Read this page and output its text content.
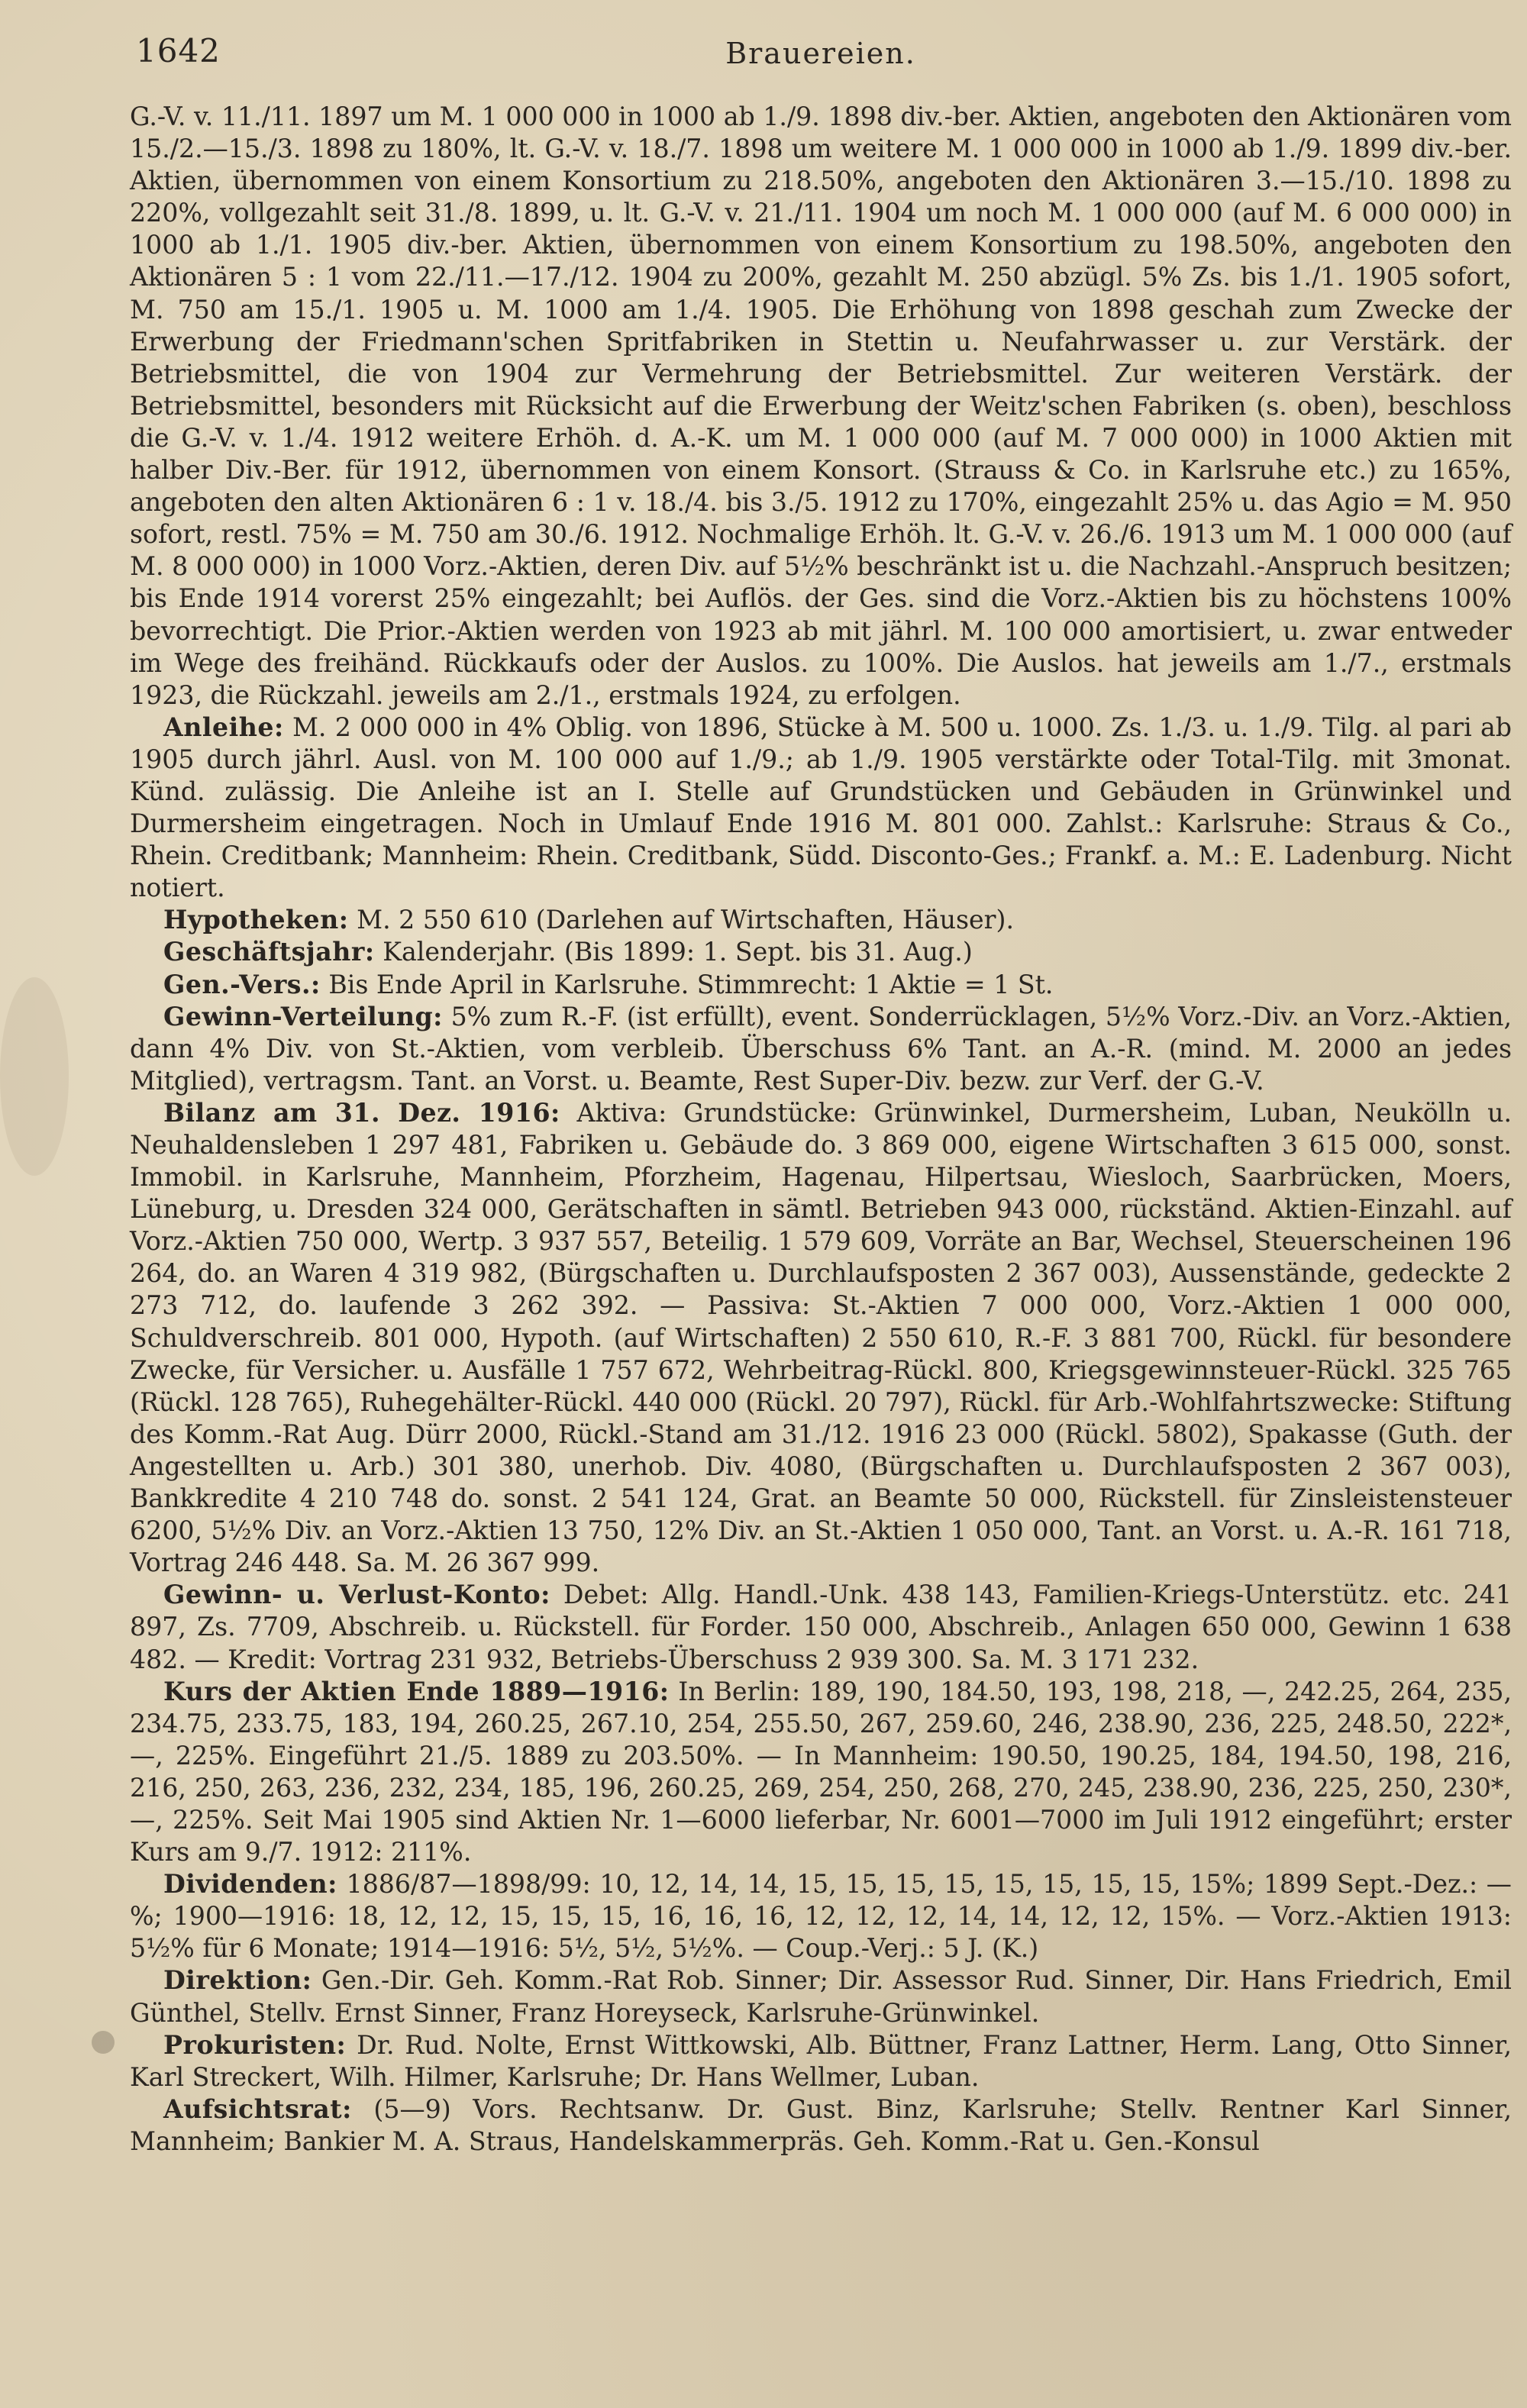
1642	Brauereien.

G.-V. v. 11./11. 1897 um M. 1 000 000 in 1000 ab 1./9. 1898 div.-ber. Aktien, angeboten den Aktionären vom 15./2.—15./3. 1898 zu 180%, lt. G.-V. v. 18./7. 1898 um weitere M. 1 000 000 in 1000 ab 1./9. 1899 div.-ber. Aktien, übernommen von einem Konsortium zu 218.50%, angeboten den Aktionären 3.—15./10. 1898 zu 220%, vollgezahlt seit 31./8. 1899, u. lt. G.-V. v. 21./11. 1904 um noch M. 1 000 000 (auf M. 6 000 000) in 1000 ab 1./1. 1905 div.-ber. Aktien, übernommen von einem Konsortium zu 198.50%, angeboten den Aktionären 5 : 1 vom 22./11.—17./12. 1904 zu 200%, gezahlt M. 250 abzügl. 5% Zs. bis 1./1. 1905 sofort, M. 750 am 15./1. 1905 u. M. 1000 am 1./4. 1905. Die Erhöhung von 1898 geschah zum Zwecke der Erwerbung der Friedmann'schen Spritfabriken in Stettin u. Neufahrwasser u. zur Verstärk. der Betriebsmittel, die von 1904 zur Vermehrung der Betriebsmittel. Zur weiteren Verstärk. der Betriebsmittel, besonders mit Rücksicht auf die Erwerbung der Weitz'schen Fabriken (s. oben), beschloss die G.-V. v. 1./4. 1912 weitere Erhöh. d. A.-K. um M. 1 000 000 (auf M. 7 000 000) in 1000 Aktien mit halber Div.-Ber. für 1912, übernommen von einem Konsort. (Strauss & Co. in Karlsruhe etc.) zu 165%, angeboten den alten Aktionären 6 : 1 v. 18./4. bis 3./5. 1912 zu 170%, eingezahlt 25% u. das Agio = M. 950 sofort, restl. 75% = M. 750 am 30./6. 1912. Nochmalige Erhöh. lt. G.-V. v. 26./6. 1913 um M. 1 000 000 (auf M. 8 000 000) in 1000 Vorz.-Aktien, deren Div. auf 5½% beschränkt ist u. die Nachzahl.-Anspruch besitzen; bis Ende 1914 vorerst 25% eingezahlt; bei Auflös. der Ges. sind die Vorz.-Aktien bis zu höchstens 100% bevorrechtigt. Die Prior.-Aktien werden von 1923 ab mit jährl. M. 100 000 amortisiert, u. zwar entweder im Wege des freihänd. Rückkaufs oder der Auslos. zu 100%. Die Auslos. hat jeweils am 1./7., erstmals 1923, die Rückzahl. jeweils am 2./1., erstmals 1924, zu erfolgen.

Anleihe: M. 2 000 000 in 4% Oblig. von 1896, Stücke à M. 500 u. 1000. Zs. 1./3. u. 1./9. Tilg. al pari ab 1905 durch jährl. Ausl. von M. 100 000 auf 1./9.; ab 1./9. 1905 verstärkte oder Total-Tilg. mit 3monat. Künd. zulässig. Die Anleihe ist an I. Stelle auf Grundstücken und Gebäuden in Grünwinkel und Durmersheim eingetragen. Noch in Umlauf Ende 1916 M. 801 000. Zahlst.: Karlsruhe: Straus & Co., Rhein. Creditbank; Mannheim: Rhein. Creditbank, Südd. Disconto-Ges.; Frankf. a. M.: E. Ladenburg. Nicht notiert.

Hypotheken: M. 2 550 610 (Darlehen auf Wirtschaften, Häuser).

Geschäftsjahr: Kalenderjahr. (Bis 1899: 1. Sept. bis 31. Aug.)

Gen.-Vers.: Bis Ende April in Karlsruhe. Stimmrecht: 1 Aktie = 1 St.

Gewinn-Verteilung: 5% zum R.-F. (ist erfüllt), event. Sonderrücklagen, 5½% Vorz.-Div. an Vorz.-Aktien, dann 4% Div. von St.-Aktien, vom verbleib. Überschuss 6% Tant. an A.-R. (mind. M. 2000 an jedes Mitglied), vertragsm. Tant. an Vorst. u. Beamte, Rest Super-Div. bezw. zur Verf. der G.-V.

Bilanz am 31. Dez. 1916: Aktiva: Grundstücke: Grünwinkel, Durmersheim, Luban, Neukölln u. Neuhaldensleben 1 297 481, Fabriken u. Gebäude do. 3 869 000, eigene Wirtschaften 3 615 000, sonst. Immobil. in Karlsruhe, Mannheim, Pforzheim, Hagenau, Hilpertsau, Wiesloch, Saarbrücken, Moers, Lüneburg, u. Dresden 324 000, Gerätschaften in sämtl. Betrieben 943 000, rückständ. Aktien-Einzahl. auf Vorz.-Aktien 750 000, Wertp. 3 937 557, Beteilig. 1 579 609, Vorräte an Bar, Wechsel, Steuerscheinen 196 264, do. an Waren 4 319 982, (Bürgschaften u. Durchlaufsposten 2 367 003), Aussenstände, gedeckte 2 273 712, do. laufende 3 262 392. — Passiva: St.-Aktien 7 000 000, Vorz.-Aktien 1 000 000, Schuldverschreib. 801 000, Hypoth. (auf Wirtschaften) 2 550 610, R.-F. 3 881 700, Rückl. für besondere Zwecke, für Versicher. u. Ausfälle 1 757 672, Wehrbeitrag-Rückl. 800, Kriegsgewinnsteuer-Rückl. 325 765 (Rückl. 128 765), Ruhegehälter-Rückl. 440 000 (Rückl. 20 797), Rückl. für Arb.-Wohlfahrtszwecke: Stiftung des Komm.-Rat Aug. Dürr 2000, Rückl.-Stand am 31./12. 1916 23 000 (Rückl. 5802), Spakasse (Guth. der Angestellten u. Arb.) 301 380, unerhob. Div. 4080, (Bürgschaften u. Durchlaufsposten 2 367 003), Bankkredite 4 210 748 do. sonst. 2 541 124, Grat. an Beamte 50 000, Rückstell. für Zinsleistensteuer 6200, 5½% Div. an Vorz.-Aktien 13 750, 12% Div. an St.-Aktien 1 050 000, Tant. an Vorst. u. A.-R. 161 718, Vortrag 246 448. Sa. M. 26 367 999.

Gewinn- u. Verlust-Konto: Debet: Allg. Handl.-Unk. 438 143, Familien-Kriegs-Unterstütz. etc. 241 897, Zs. 7709, Abschreib. u. Rückstell. für Forder. 150 000, Abschreib., Anlagen 650 000, Gewinn 1 638 482. — Kredit: Vortrag 231 932, Betriebs-Überschuss 2 939 300. Sa. M. 3 171 232.

Kurs der Aktien Ende 1889—1916: In Berlin: 189, 190, 184.50, 193, 198, 218, —, 242.25, 264, 235, 234.75, 233.75, 183, 194, 260.25, 267.10, 254, 255.50, 267, 259.60, 246, 238.90, 236, 225, 248.50, 222*, —, 225%. Eingeführt 21./5. 1889 zu 203.50%. — In Mannheim: 190.50, 190.25, 184, 194.50, 198, 216, 216, 250, 263, 236, 232, 234, 185, 196, 260.25, 269, 254, 250, 268, 270, 245, 238.90, 236, 225, 250, 230*, —, 225%. Seit Mai 1905 sind Aktien Nr. 1—6000 lieferbar, Nr. 6001—7000 im Juli 1912 eingeführt; erster Kurs am 9./7. 1912: 211%.

Dividenden: 1886/87—1898/99: 10, 12, 14, 14, 15, 15, 15, 15, 15, 15, 15, 15, 15%; 1899 Sept.-Dez.: — %; 1900—1916: 18, 12, 12, 15, 15, 15, 16, 16, 16, 12, 12, 12, 14, 14, 12, 12, 15%. — Vorz.-Aktien 1913: 5½% für 6 Monate; 1914—1916: 5½, 5½, 5½%. — Coup.-Verj.: 5 J. (K.)

Direktion: Gen.-Dir. Geh. Komm.-Rat Rob. Sinner; Dir. Assessor Rud. Sinner, Dir. Hans Friedrich, Emil Günthel, Stellv. Ernst Sinner, Franz Horeyseck, Karlsruhe-Grünwinkel.

Prokuristen: Dr. Rud. Nolte, Ernst Wittkowski, Alb. Büttner, Franz Lattner, Herm. Lang, Otto Sinner, Karl Streckert, Wilh. Hilmer, Karlsruhe; Dr. Hans Wellmer, Luban.

Aufsichtsrat: (5—9) Vors. Rechtsanw. Dr. Gust. Binz, Karlsruhe; Stellv. Rentner Karl Sinner, Mannheim; Bankier M. A. Straus, Handelskammerpräs. Geh. Komm.-Rat u. Gen.-Konsul
